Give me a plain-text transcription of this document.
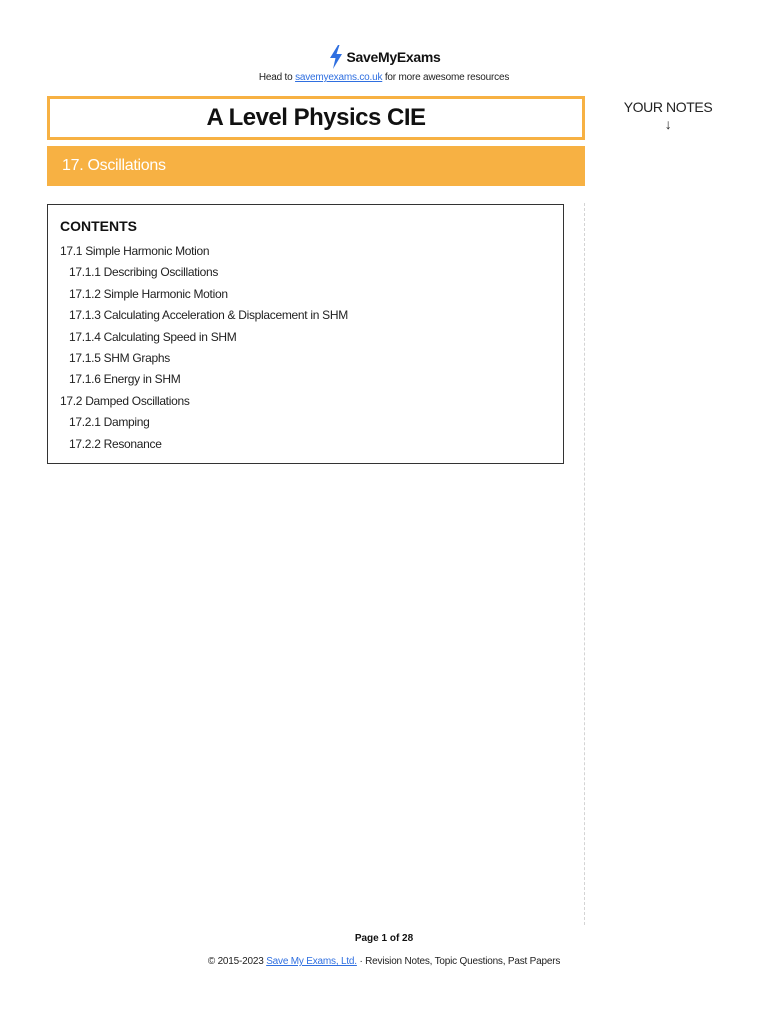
SaveMyExams
Head to savemyexams.co.uk for more awesome resources
A Level Physics CIE
17. Oscillations
YOUR NOTES
↓
CONTENTS
17.1 Simple Harmonic Motion
17.1.1 Describing Oscillations
17.1.2 Simple Harmonic Motion
17.1.3 Calculating Acceleration & Displacement in SHM
17.1.4 Calculating Speed in SHM
17.1.5 SHM Graphs
17.1.6 Energy in SHM
17.2 Damped Oscillations
17.2.1 Damping
17.2.2 Resonance
Page 1 of 28
© 2015-2023 Save My Exams, Ltd. · Revision Notes, Topic Questions, Past Papers
